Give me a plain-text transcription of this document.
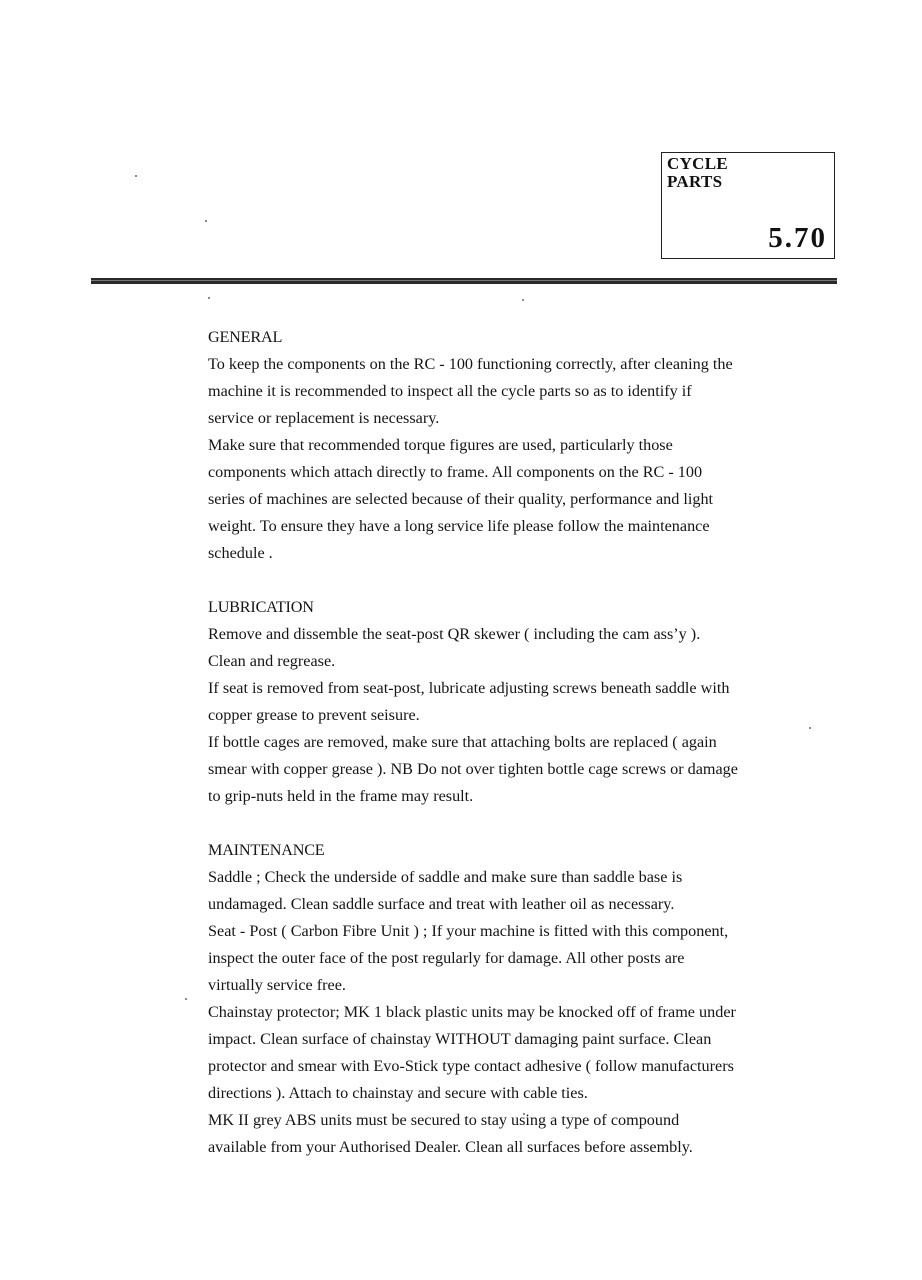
CYCLE
PARTS
5.70
GENERAL
To keep the components on the RC - 100 functioning correctly, after cleaning the machine it is recommended to inspect all the cycle parts so as to identify if service or replacement is necessary.
Make sure that recommended torque figures are used, particularly those components which attach directly to frame. All components on the RC - 100 series of machines are selected because of their quality, performance and light weight. To ensure they have a long service life please follow the maintenance schedule .
LUBRICATION
Remove and dissemble the seat-post QR skewer ( including the cam ass’y ). Clean and regrease.
If seat is removed from seat-post, lubricate adjusting screws beneath saddle with copper grease to prevent seisure.
If bottle cages are removed, make sure that attaching bolts are replaced ( again smear with copper grease ). NB Do not over tighten bottle cage screws or damage to grip-nuts held in the frame may result.
MAINTENANCE
Saddle ; Check the underside of saddle and make sure than saddle base is undamaged. Clean saddle surface and treat with leather oil as necessary.
Seat - Post ( Carbon Fibre Unit ) ; If your machine is fitted with this component, inspect the outer face of the post regularly for damage. All other posts are virtually service free.
Chainstay protector; MK 1 black plastic units may be knocked off of frame under impact. Clean surface of chainstay WITHOUT damaging paint surface. Clean protector and smear with Evo-Stick type contact adhesive ( follow manufacturers directions ). Attach to chainstay and secure with cable ties.
MK II grey ABS units must be secured to stay using a type of compound available from your Authorised Dealer. Clean all surfaces before assembly.
